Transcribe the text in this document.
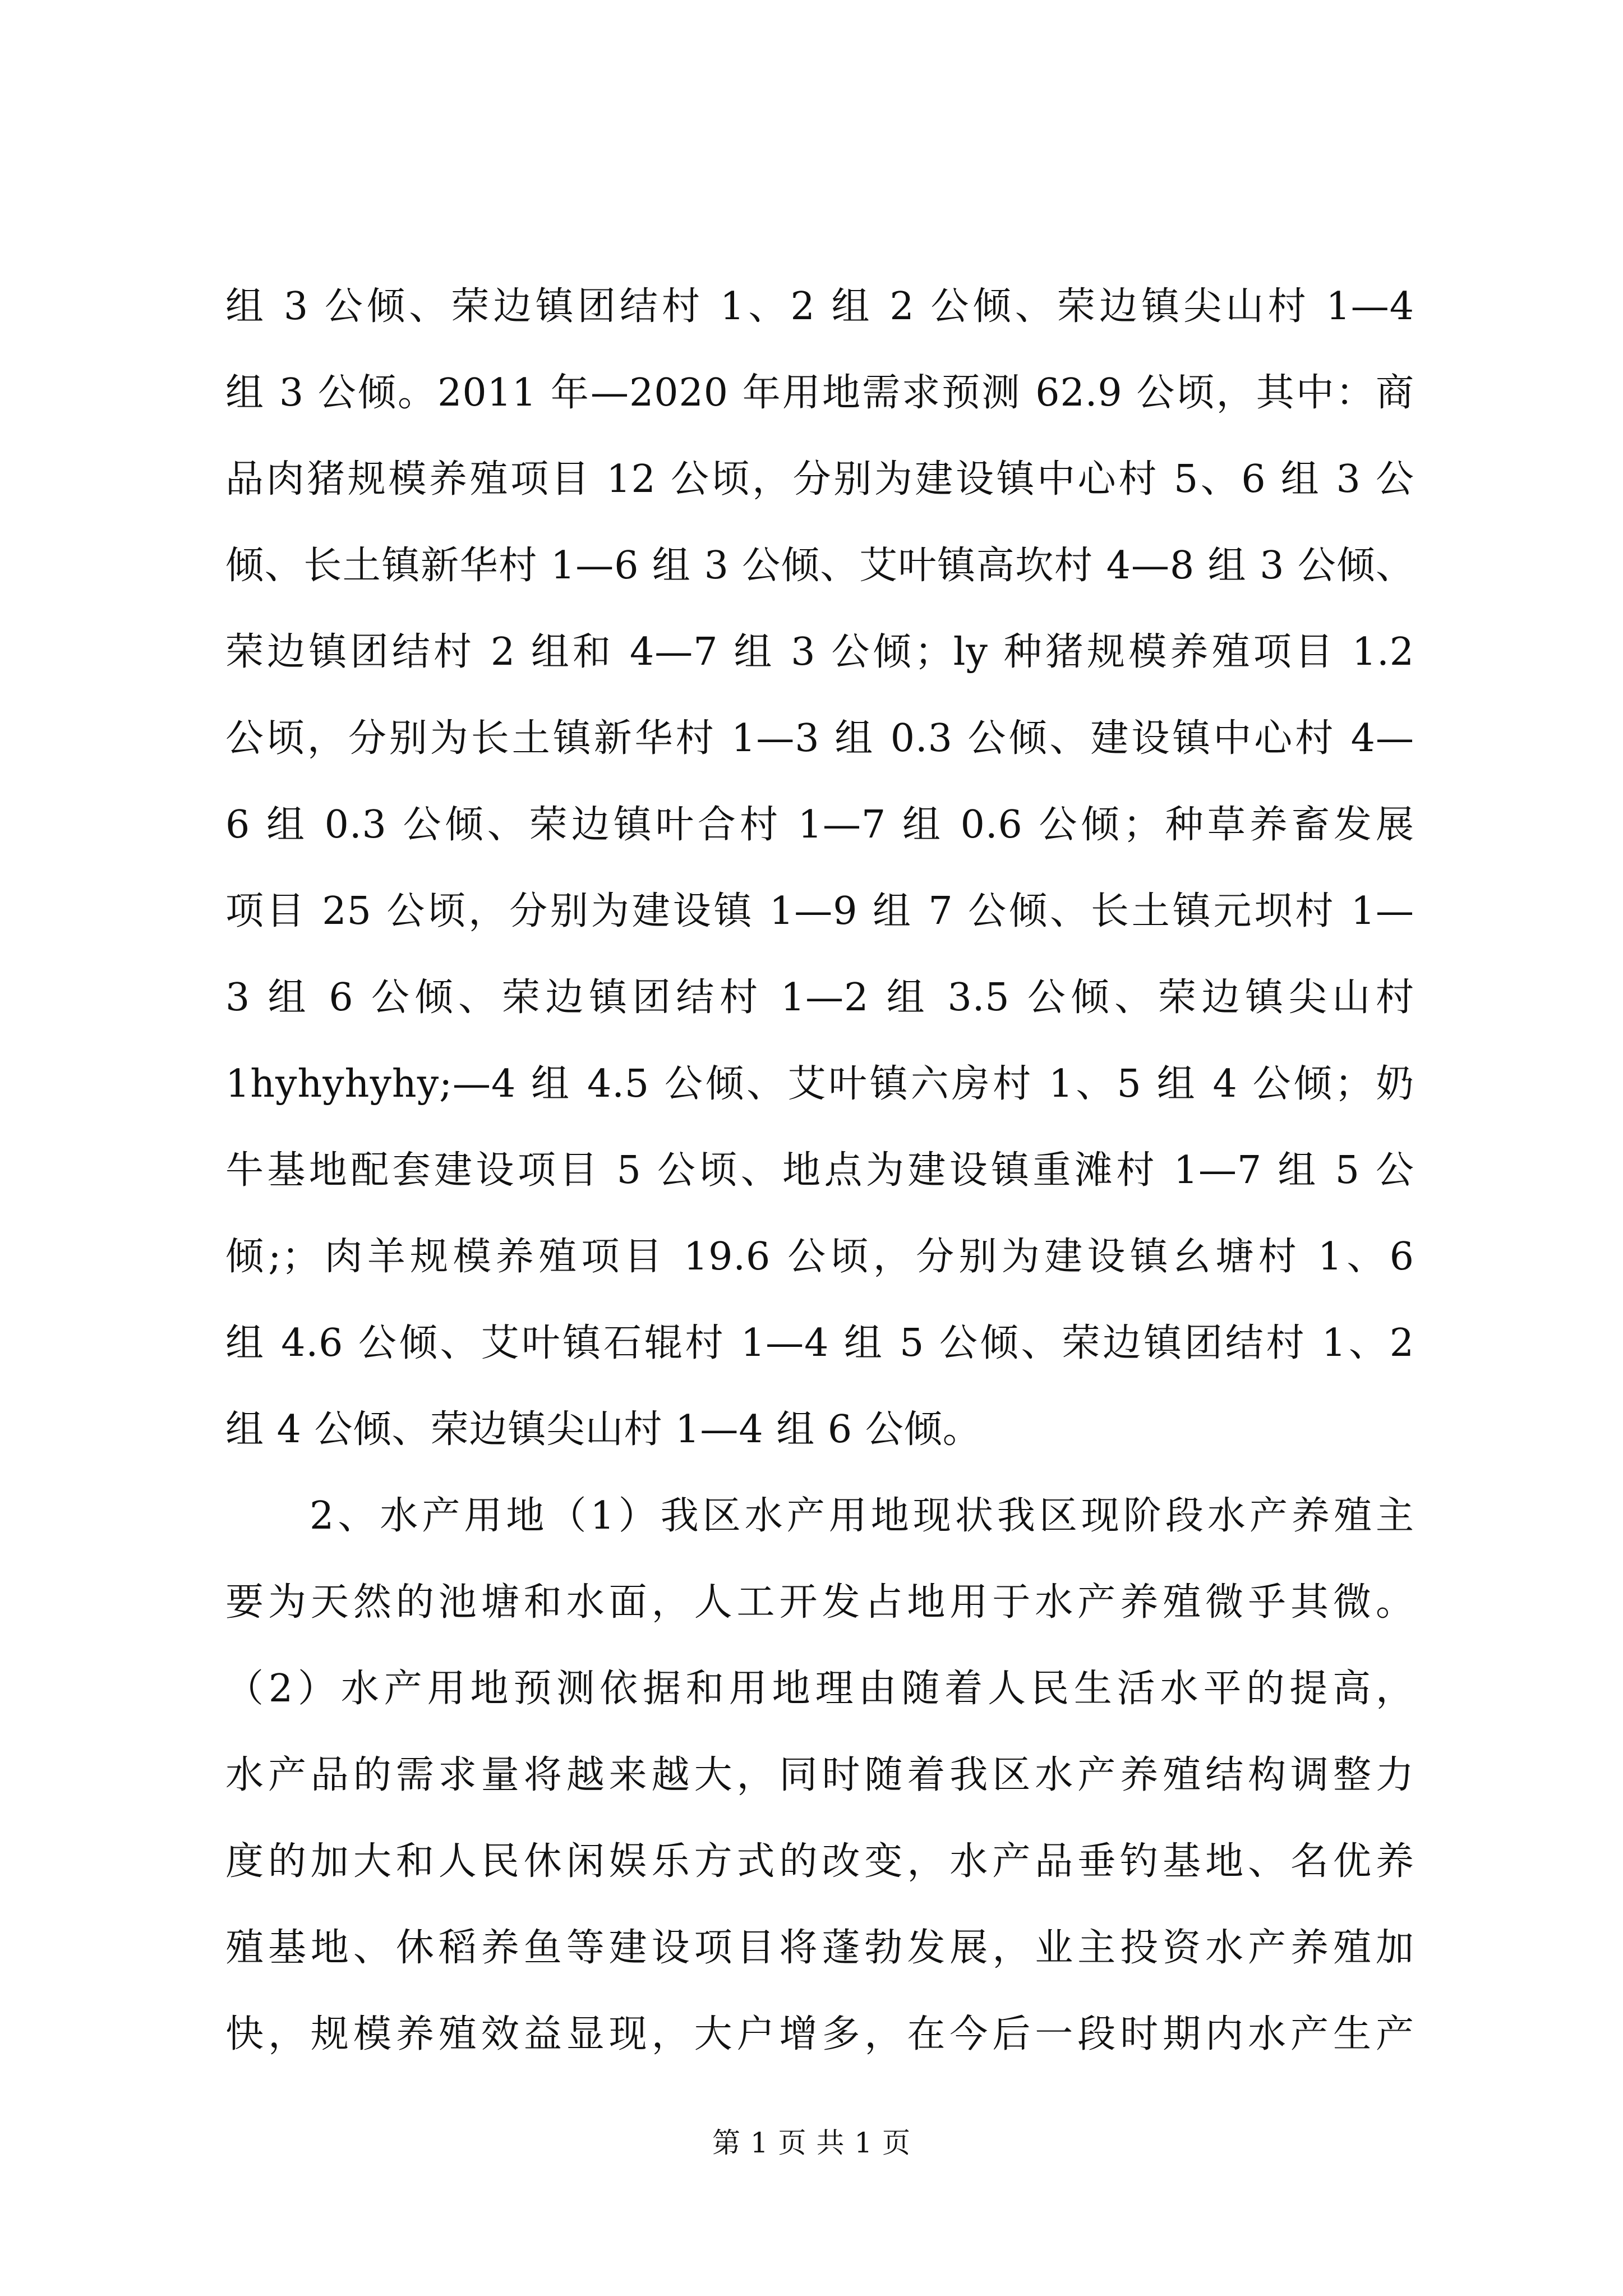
组 3 公倾、荣边镇团结村 1、2 组 2 公倾、荣边镇尖山村 1—4
组 3 公倾。2011 年—2020 年用地需求预测 62.9 公顷，其中：商
品肉猪规模养殖项目 12 公顷，分别为建设镇中心村 5、6 组 3 公
倾、长土镇新华村 1—6 组 3 公倾、艾叶镇高坎村 4—8 组 3 公倾、
荣边镇团结村 2 组和 4—7 组 3 公倾；ly 种猪规模养殖项目 1.2
公顷，分别为长土镇新华村 1—3 组 0.3 公倾、建设镇中心村 4—
6 组 0.3 公倾、荣边镇叶合村 1—7 组 0.6 公倾；种草养畜发展
项目 25 公顷，分别为建设镇 1—9 组 7 公倾、长土镇元坝村 1—
3 组 6 公倾、荣边镇团结村 1—2 组 3.5 公倾、荣边镇尖山村
1hyhyhyhy;—4 组 4.5 公倾、艾叶镇六房村 1、5 组 4 公倾；奶
牛基地配套建设项目 5 公顷、地点为建设镇重滩村 1—7 组 5 公
倾;；肉羊规模养殖项目 19.6 公顷，分别为建设镇幺塘村 1、6
组 4.6 公倾、艾叶镇石辊村 1—4 组 5 公倾、荣边镇团结村 1、2
组 4 公倾、荣边镇尖山村 1—4 组 6 公倾。
　　2、水产用地（1）我区水产用地现状我区现阶段水产养殖主
要为天然的池塘和水面，人工开发占地用于水产养殖微乎其微。
（2）水产用地预测依据和用地理由随着人民生活水平的提高，
水产品的需求量将越来越大，同时随着我区水产养殖结构调整力
度的加大和人民休闲娱乐方式的改变，水产品垂钓基地、名优养
殖基地、休稻养鱼等建设项目将蓬勃发展，业主投资水产养殖加
快，规模养殖效益显现，大户增多，在今后一段时期内水产生产
第 1 页 共 1 页
